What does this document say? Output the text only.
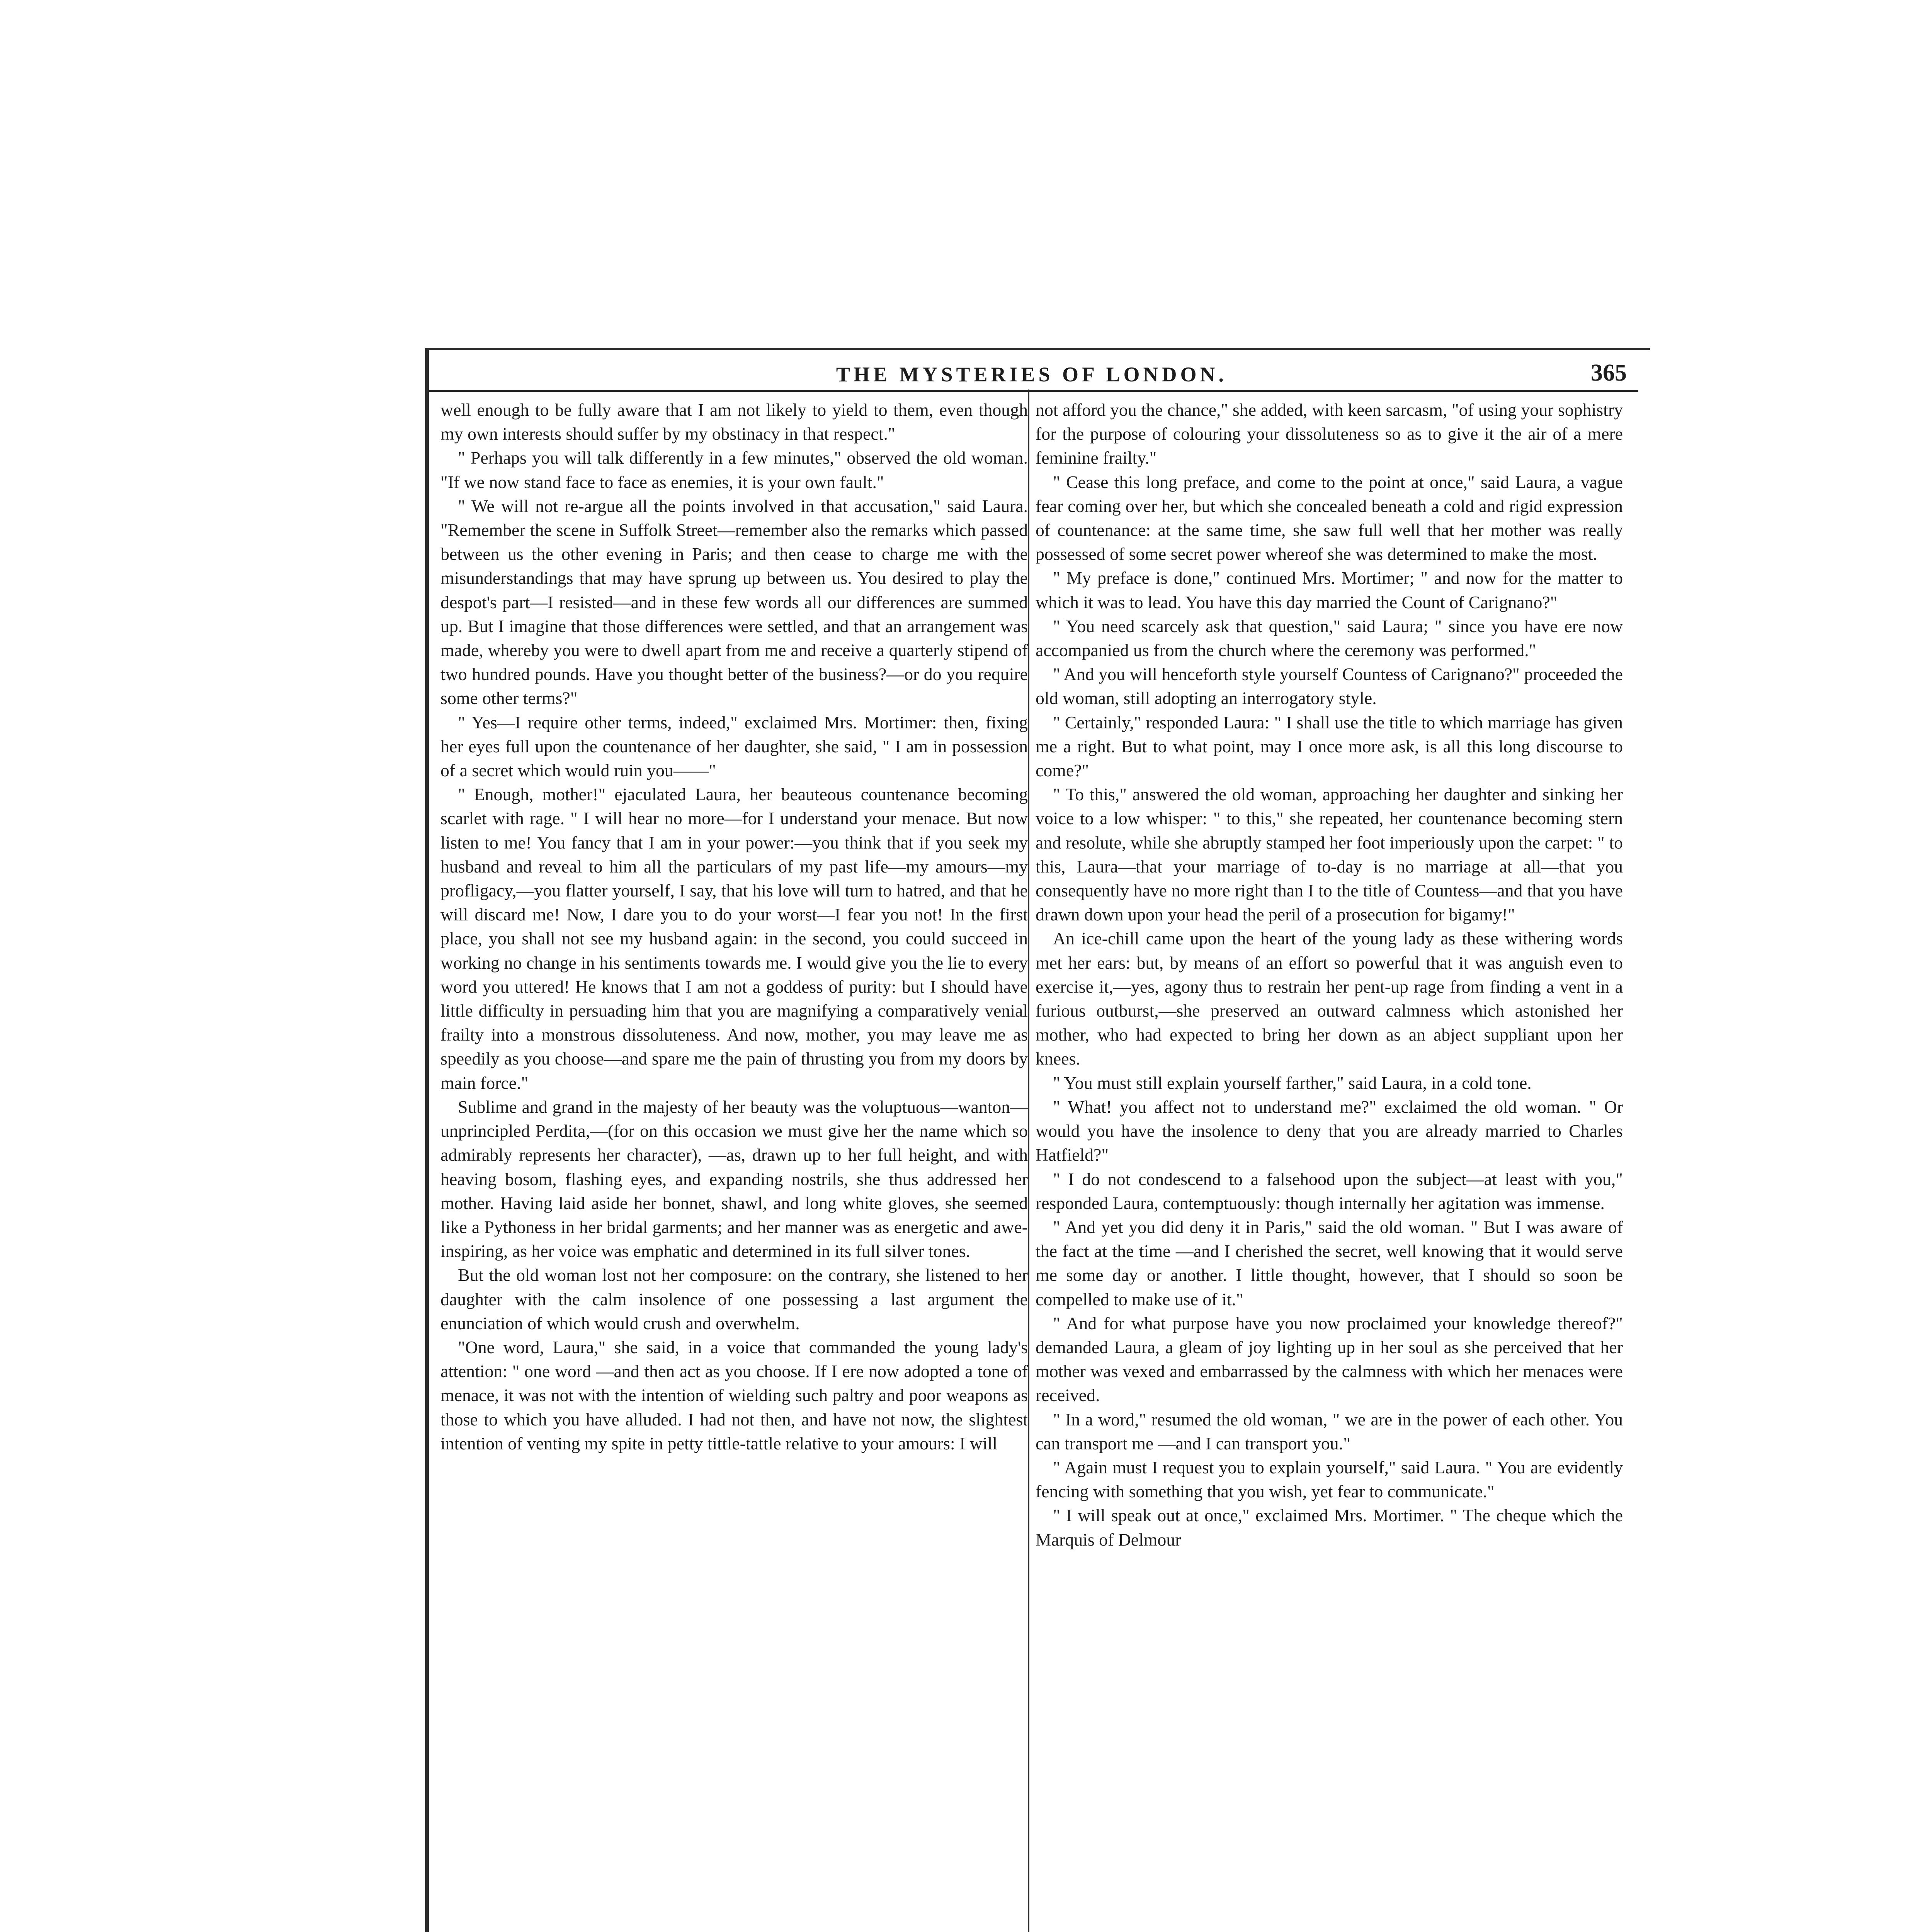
THE MYSTERIES OF LONDON.	365

well enough to be fully aware that I am not likely to yield to them, even though my own interests should suffer by my obstinacy in that respect."

" Perhaps you will talk differently in a few minutes," observed the old woman. "If we now stand face to face as enemies, it is your own fault."

" We will not re-argue all the points involved in that accusation," said Laura. "Remember the scene in Suffolk Street—remember also the remarks which passed between us the other evening in Paris; and then cease to charge me with the misunderstandings that may have sprung up between us. You desired to play the despot's part—I resisted—and in these few words all our differences are summed up. But I imagine that those differences were settled, and that an arrangement was made, whereby you were to dwell apart from me and receive a quarterly stipend of two hundred pounds. Have you thought better of the business?—or do you require some other terms?"

" Yes—I require other terms, indeed," exclaimed Mrs. Mortimer: then, fixing her eyes full upon the countenance of her daughter, she said, " I am in possession of a secret which would ruin you——"

" Enough, mother!" ejaculated Laura, her beauteous countenance becoming scarlet with rage. " I will hear no more—for I understand your menace. But now listen to me! You fancy that I am in your power:—you think that if you seek my husband and reveal to him all the particulars of my past life—my amours—my profligacy,—you flatter yourself, I say, that his love will turn to hatred, and that he will discard me! Now, I dare you to do your worst—I fear you not! In the first place, you shall not see my husband again: in the second, you could succeed in working no change in his sentiments towards me. I would give you the lie to every word you uttered! He knows that I am not a goddess of purity: but I should have little difficulty in persuading him that you are magnifying a comparatively venial frailty into a monstrous dissoluteness. And now, mother, you may leave me as speedily as you choose—and spare me the pain of thrusting you from my doors by main force."

Sublime and grand in the majesty of her beauty was the voluptuous—wanton—unprincipled Perdita,—(for on this occasion we must give her the name which so admirably represents her character), —as, drawn up to her full height, and with heaving bosom, flashing eyes, and expanding nostrils, she thus addressed her mother. Having laid aside her bonnet, shawl, and long white gloves, she seemed like a Pythoness in her bridal garments; and her manner was as energetic and awe-inspiring, as her voice was emphatic and determined in its full silver tones.

But the old woman lost not her composure: on the contrary, she listened to her daughter with the calm insolence of one possessing a last argument the enunciation of which would crush and overwhelm.

"One word, Laura," she said, in a voice that commanded the young lady's attention: " one word —and then act as you choose. If I ere now adopted a tone of menace, it was not with the intention of wielding such paltry and poor weapons as those to which you have alluded. I had not then, and have not now, the slightest intention of venting my spite in petty tittle-tattle relative to your amours: I will

not afford you the chance," she added, with keen sarcasm, "of using your sophistry for the purpose of colouring your dissoluteness so as to give it the air of a mere feminine frailty."

" Cease this long preface, and come to the point at once," said Laura, a vague fear coming over her, but which she concealed beneath a cold and rigid expression of countenance: at the same time, she saw full well that her mother was really possessed of some secret power whereof she was determined to make the most.

" My preface is done," continued Mrs. Mortimer; " and now for the matter to which it was to lead. You have this day married the Count of Carignano?"

" You need scarcely ask that question," said Laura; " since you have ere now accompanied us from the church where the ceremony was performed."

" And you will henceforth style yourself Countess of Carignano?" proceeded the old woman, still adopting an interrogatory style.

" Certainly," responded Laura: " I shall use the title to which marriage has given me a right. But to what point, may I once more ask, is all this long discourse to come?"

" To this," answered the old woman, approaching her daughter and sinking her voice to a low whisper: " to this," she repeated, her countenance becoming stern and resolute, while she abruptly stamped her foot imperiously upon the carpet: " to this, Laura—that your marriage of to-day is no marriage at all—that you consequently have no more right than I to the title of Countess—and that you have drawn down upon your head the peril of a prosecution for bigamy!"

An ice-chill came upon the heart of the young lady as these withering words met her ears: but, by means of an effort so powerful that it was anguish even to exercise it,—yes, agony thus to restrain her pent-up rage from finding a vent in a furious outburst,—she preserved an outward calmness which astonished her mother, who had expected to bring her down as an abject suppliant upon her knees.

" You must still explain yourself farther," said Laura, in a cold tone.

" What! you affect not to understand me?" exclaimed the old woman. " Or would you have the insolence to deny that you are already married to Charles Hatfield?"

" I do not condescend to a falsehood upon the subject—at least with you," responded Laura, contemptuously: though internally her agitation was immense.

" And yet you did deny it in Paris," said the old woman. " But I was aware of the fact at the time —and I cherished the secret, well knowing that it would serve me some day or another. I little thought, however, that I should so soon be compelled to make use of it."

" And for what purpose have you now proclaimed your knowledge thereof?" demanded Laura, a gleam of joy lighting up in her soul as she perceived that her mother was vexed and embarrassed by the calmness with which her menaces were received.

" In a word," resumed the old woman, " we are in the power of each other. You can transport me —and I can transport you."

" Again must I request you to explain yourself," said Laura. " You are evidently fencing with something that you wish, yet fear to communicate."

" I will speak out at once," exclaimed Mrs. Mortimer. " The cheque which the Marquis of Delmour
